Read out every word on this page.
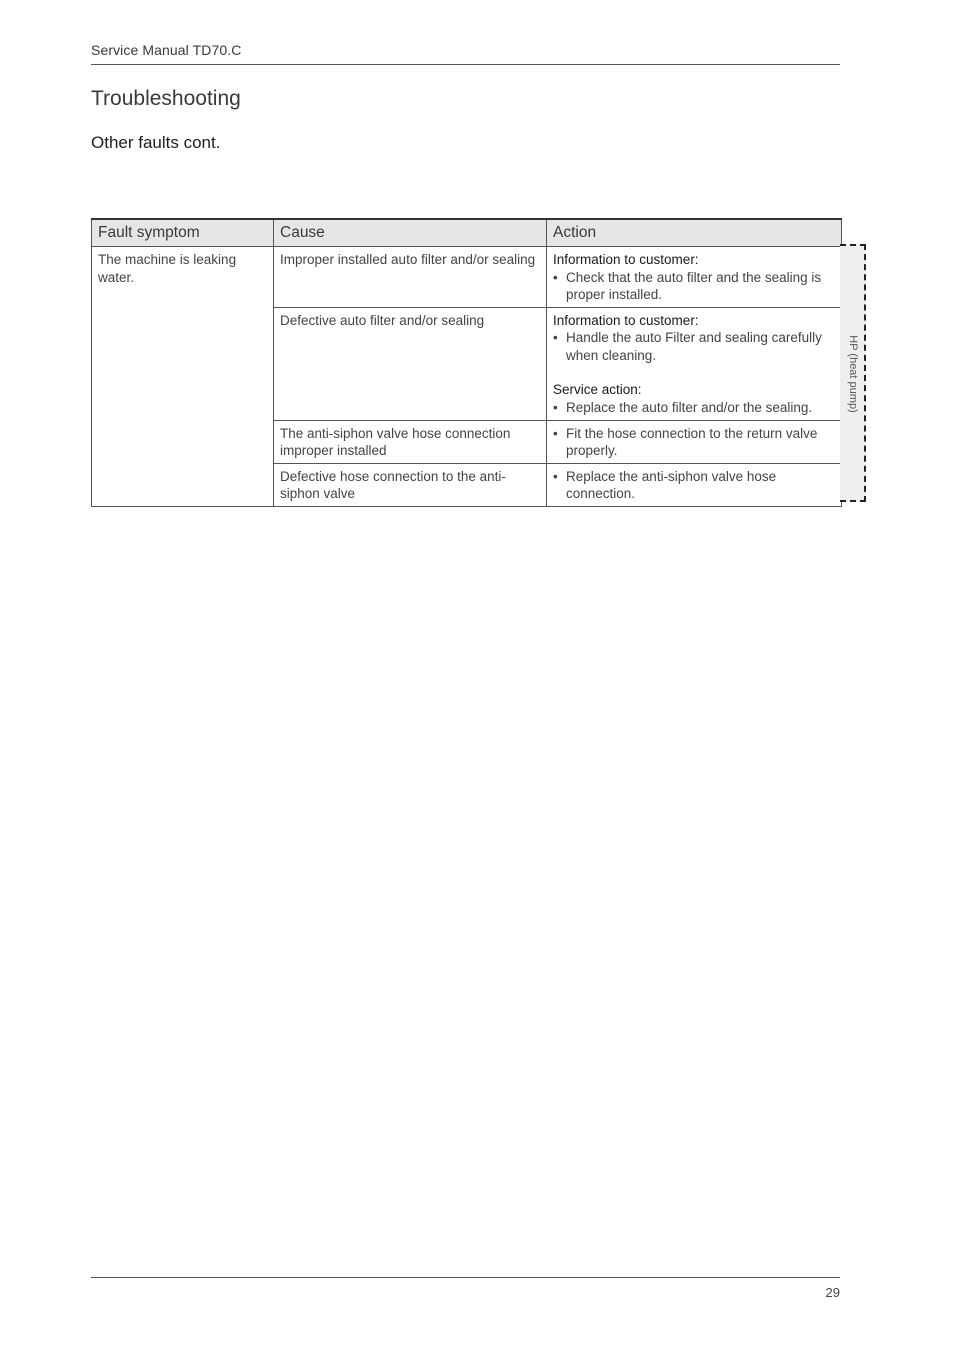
Service Manual TD70.C
Troubleshooting
Other faults cont.
Fault symptom	Cause	Action
The machine is leaking water.	Improper installed auto filter and/or sealing	Information to customer:
• Check that the auto filter and the sealing is proper installed.

	Defective auto filter and/or sealing	Information to customer:
• Handle the auto Filter and sealing carefully when cleaning.
Service action:
• Replace the auto filter and/or the sealing.

	The anti-siphon valve hose connection improper installed	• Fit the hose connection to the return valve properly.

	Defective hose connection to the anti-siphon valve	• Replace the anti-siphon valve hose connection.
HP (heat pump)
29
